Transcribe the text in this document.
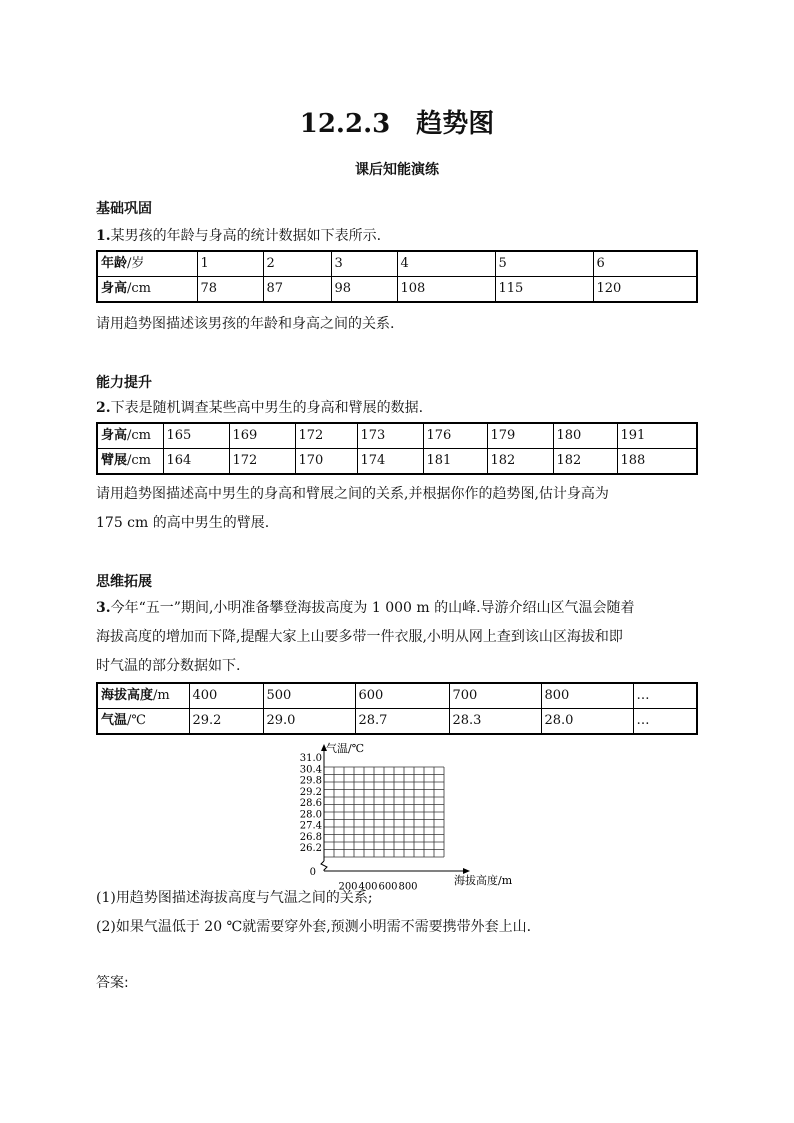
12.2.3 趋势图
课后知能演练
基础巩固
1.某男孩的年龄与身高的统计数据如下表所示.
年龄/岁	1	2	3	4	5	6
身高/cm	78	87	98	108	115	120
请用趋势图描述该男孩的年龄和身高之间的关系.
能力提升
2.下表是随机调查某些高中男生的身高和臂展的数据.
身高/cm	165	169	172	173	176	179	180	191
臂展/cm	164	172	170	174	181	182	182	188
请用趋势图描述高中男生的身高和臂展之间的关系,并根据你作的趋势图,估计身高为
175 cm 的高中男生的臂展.
思维拓展
3.今年“五一”期间,小明准备攀登海拔高度为 1 000 m 的山峰.导游介绍山区气温会随着
海拔高度的增加而下降,提醒大家上山要多带一件衣服,小明从网上查到该山区海拔和即
时气温的部分数据如下.
海拔高度/m	400	500	600	700	800	…
气温/℃	29.2	29.0	28.7	28.3	28.0	…
26.2
26.8
27.4
28.0
28.6
29.2
29.8
30.4
31.0
200 400 600 800
0
气温/℃
海拔高度/m
(1)用趋势图描述海拔高度与气温之间的关系;
(2)如果气温低于 20 ℃就需要穿外套,预测小明需不需要携带外套上山.
答案:
